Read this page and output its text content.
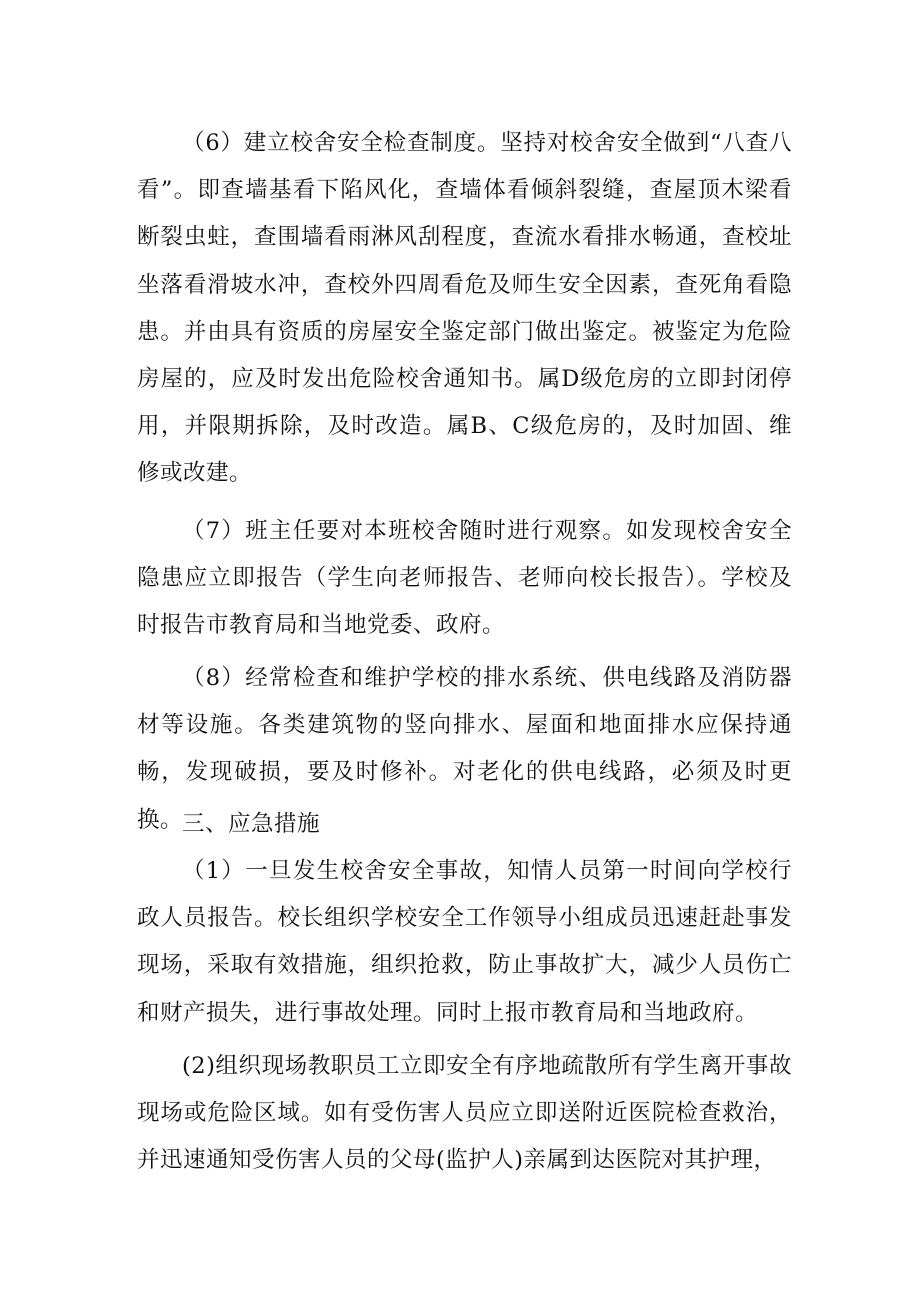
（6）建立校舍安全检查制度。坚持对校舍安全做到“八查八看”。即查墙基看下陷风化，查墙体看倾斜裂缝，查屋顶木梁看断裂虫蛀，查围墙看雨淋风刮程度，查流水看排水畅通，查校址坐落看滑坡水冲，查校外四周看危及师生安全因素，查死角看隐患。并由具有资质的房屋安全鉴定部门做出鉴定。被鉴定为危险房屋的，应及时发出危险校舍通知书。属D级危房的立即封闭停用，并限期拆除，及时改造。属B、C级危房的，及时加固、维修或改建。

（7）班主任要对本班校舍随时进行观察。如发现校舍安全隐患应立即报告（学生向老师报告、老师向校长报告）。学校及时报告市教育局和当地党委、政府。

（8）经常检查和维护学校的排水系统、供电线路及消防器材等设施。各类建筑物的竖向排水、屋面和地面排水应保持通畅，发现破损，要及时修补。对老化的供电线路，必须及时更换。

三、应急措施

（1）一旦发生校舍安全事故，知情人员第一时间向学校行政人员报告。校长组织学校安全工作领导小组成员迅速赶赴事发现场，采取有效措施，组织抢救，防止事故扩大，减少人员伤亡和财产损失，进行事故处理。同时上报市教育局和当地政府。

(2)组织现场教职员工立即安全有序地疏散所有学生离开事故现场或危险区域。如有受伤害人员应立即送附近医院检查救治，并迅速通知受伤害人员的父母(监护人)亲属到达医院对其护理，
